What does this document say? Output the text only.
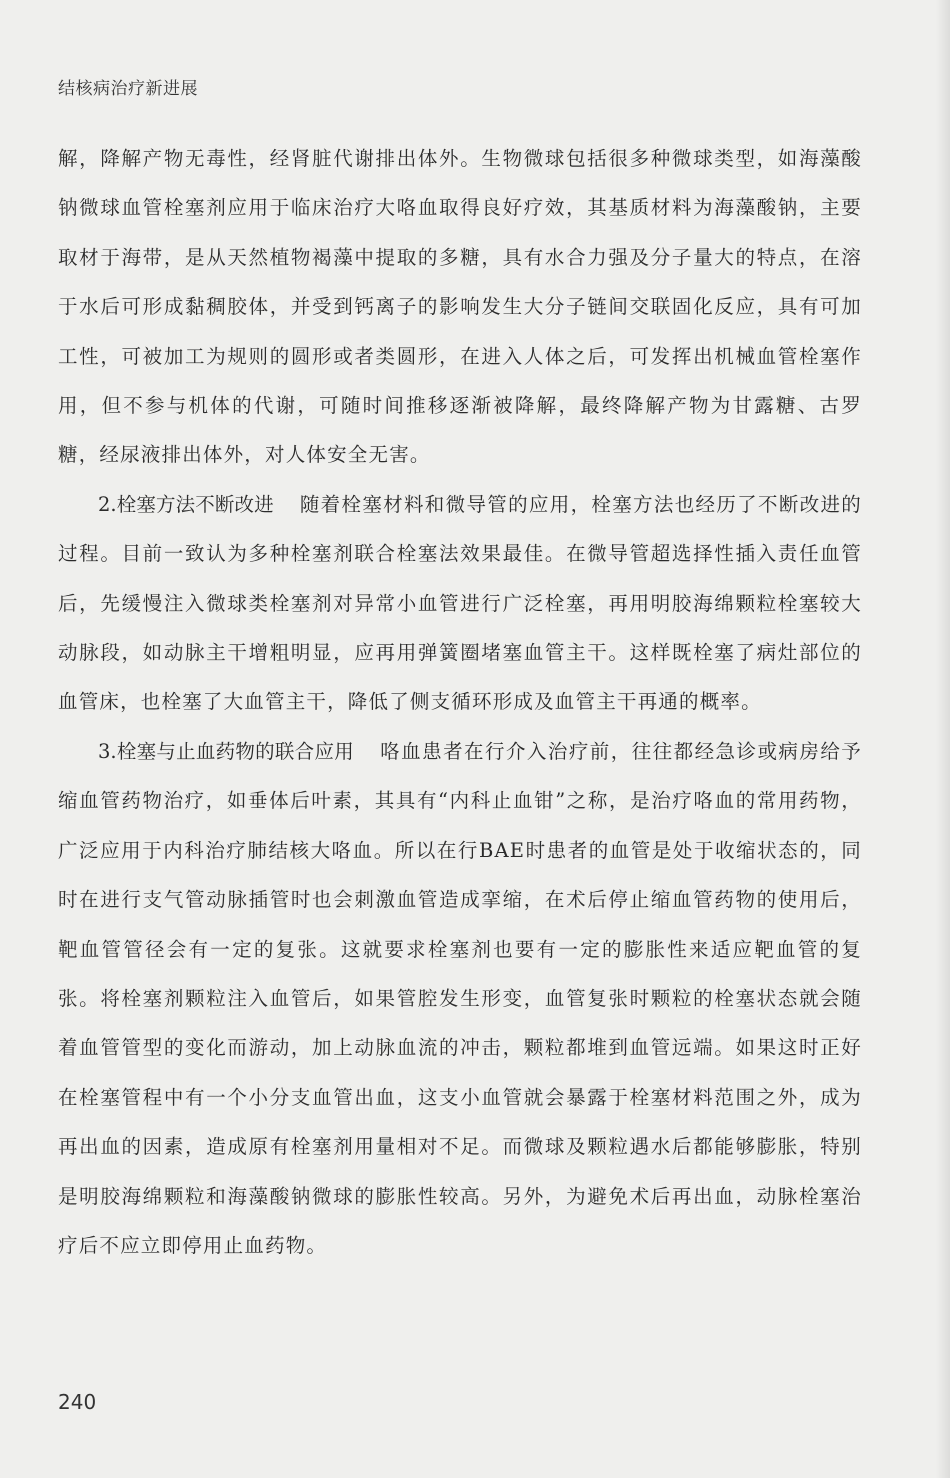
结核病治疗新进展

解，降解产物无毒性，经肾脏代谢排出体外。生物微球包括很多种微球类型，如海藻酸钠微球血管栓塞剂应用于临床治疗大咯血取得良好疗效，其基质材料为海藻酸钠，主要取材于海带，是从天然植物褐藻中提取的多糖，具有水合力强及分子量大的特点，在溶于水后可形成黏稠胶体，并受到钙离子的影响发生大分子链间交联固化反应，具有可加工性，可被加工为规则的圆形或者类圆形，在进入人体之后，可发挥出机械血管栓塞作用，但不参与机体的代谢，可随时间推移逐渐被降解，最终降解产物为甘露糖、古罗糖，经尿液排出体外，对人体安全无害。

2.栓塞方法不断改进 随着栓塞材料和微导管的应用，栓塞方法也经历了不断改进的过程。目前一致认为多种栓塞剂联合栓塞法效果最佳。在微导管超选择性插入责任血管后，先缓慢注入微球类栓塞剂对异常小血管进行广泛栓塞，再用明胶海绵颗粒栓塞较大动脉段，如动脉主干增粗明显，应再用弹簧圈堵塞血管主干。这样既栓塞了病灶部位的血管床，也栓塞了大血管主干，降低了侧支循环形成及血管主干再通的概率。

3.栓塞与止血药物的联合应用 咯血患者在行介入治疗前，往往都经急诊或病房给予缩血管药物治疗，如垂体后叶素，其具有“内科止血钳”之称，是治疗咯血的常用药物，广泛应用于内科治疗肺结核大咯血。所以在行BAE时患者的血管是处于收缩状态的，同时在进行支气管动脉插管时也会刺激血管造成挛缩，在术后停止缩血管药物的使用后，靶血管管径会有一定的复张。这就要求栓塞剂也要有一定的膨胀性来适应靶血管的复张。将栓塞剂颗粒注入血管后，如果管腔发生形变，血管复张时颗粒的栓塞状态就会随着血管管型的变化而游动，加上动脉血流的冲击，颗粒都堆到血管远端。如果这时正好在栓塞管程中有一个小分支血管出血，这支小血管就会暴露于栓塞材料范围之外，成为再出血的因素，造成原有栓塞剂用量相对不足。而微球及颗粒遇水后都能够膨胀，特别是明胶海绵颗粒和海藻酸钠微球的膨胀性较高。另外，为避免术后再出血，动脉栓塞治疗后不应立即停用止血药物。

240
